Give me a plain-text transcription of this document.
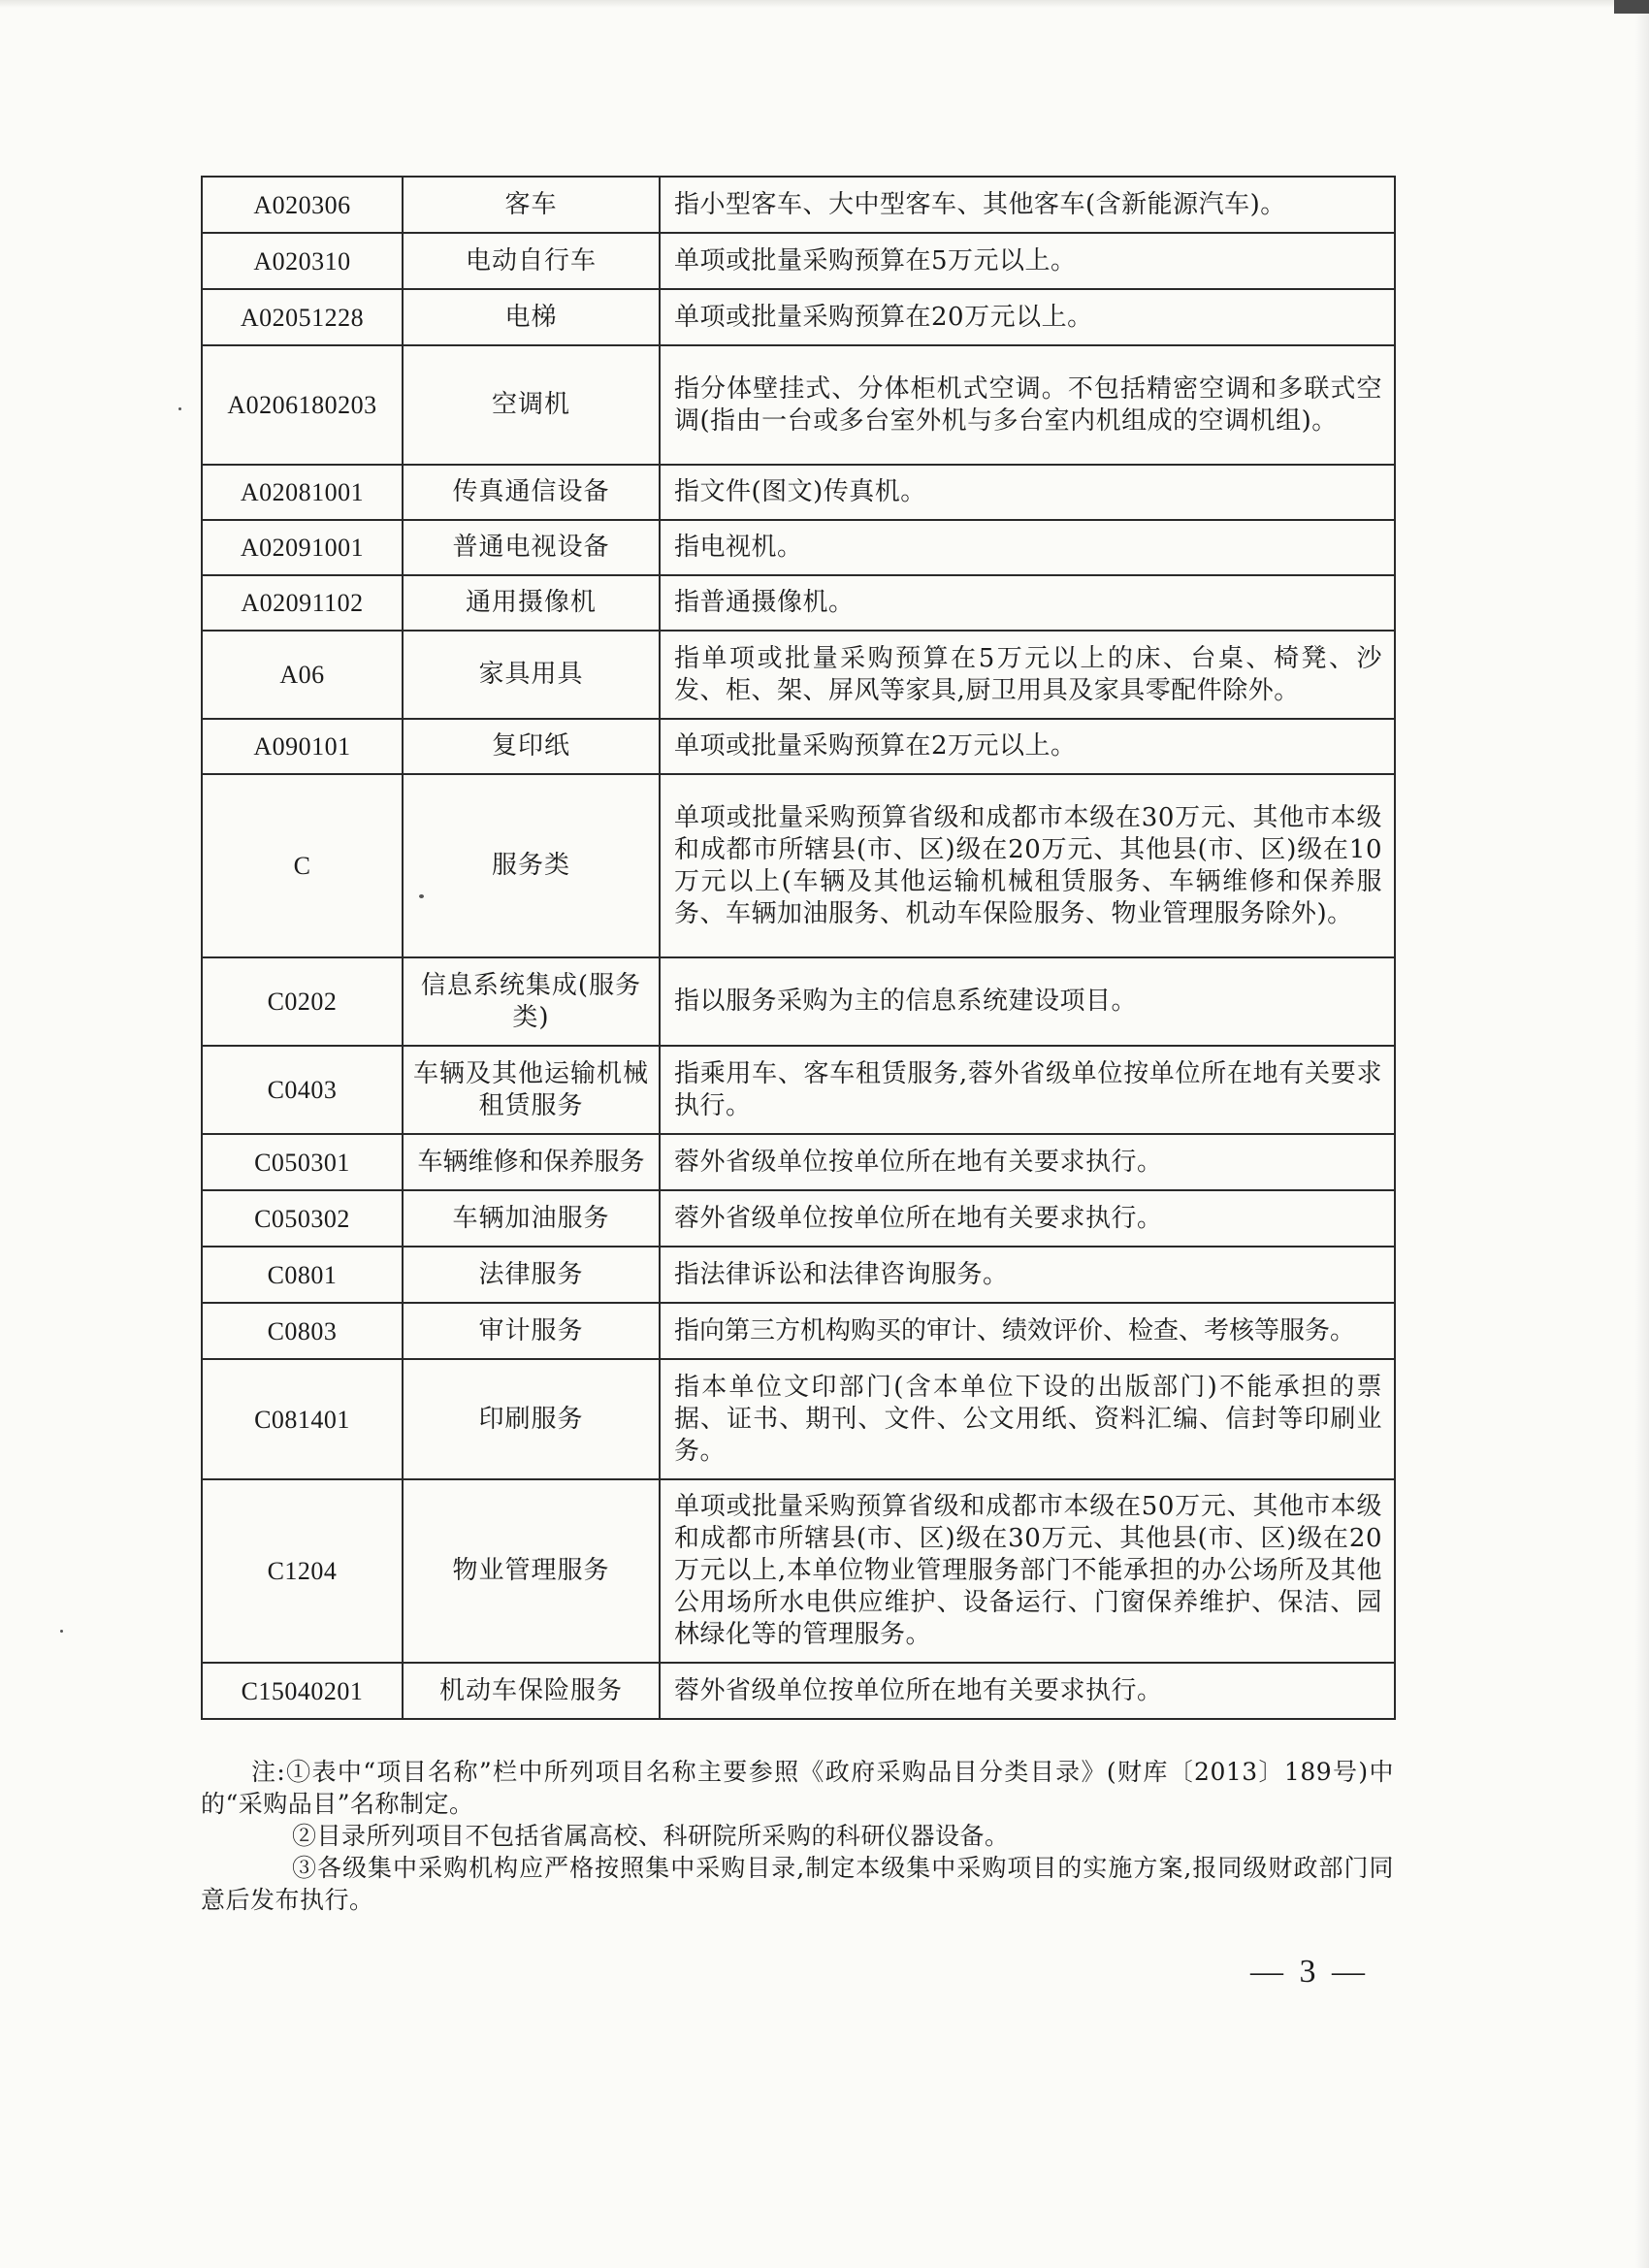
A020306	客车	指小型客车、大中型客车、其他客车(含新能源汽车)。
A020310	电动自行车	单项或批量采购预算在5万元以上。
A02051228	电梯	单项或批量采购预算在20万元以上。
A0206180203	空调机	指分体壁挂式、分体柜机式空调。不包括精密空调和多联式空调(指由一台或多台室外机与多台室内机组成的空调机组)。
A02081001	传真通信设备	指文件(图文)传真机。
A02091001	普通电视设备	指电视机。
A02091102	通用摄像机	指普通摄像机。
A06	家具用具	指单项或批量采购预算在5万元以上的床、台桌、椅凳、沙发、柜、架、屏风等家具,厨卫用具及家具零配件除外。
A090101	复印纸	单项或批量采购预算在2万元以上。
C	服务类	单项或批量采购预算省级和成都市本级在30万元、其他市本级和成都市所辖县(市、区)级在20万元、其他县(市、区)级在10万元以上(车辆及其他运输机械租赁服务、车辆维修和保养服务、车辆加油服务、机动车保险服务、物业管理服务除外)。
C0202	信息系统集成(服务类)	指以服务采购为主的信息系统建设项目。
C0403	车辆及其他运输机械租赁服务	指乘用车、客车租赁服务,蓉外省级单位按单位所在地有关要求执行。
C050301	车辆维修和保养服务	蓉外省级单位按单位所在地有关要求执行。
C050302	车辆加油服务	蓉外省级单位按单位所在地有关要求执行。
C0801	法律服务	指法律诉讼和法律咨询服务。
C0803	审计服务	指向第三方机构购买的审计、绩效评价、检查、考核等服务。
C081401	印刷服务	指本单位文印部门(含本单位下设的出版部门)不能承担的票据、证书、期刊、文件、公文用纸、资料汇编、信封等印刷业务。
C1204	物业管理服务	单项或批量采购预算省级和成都市本级在50万元、其他市本级和成都市所辖县(市、区)级在30万元、其他县(市、区)级在20万元以上,本单位物业管理服务部门不能承担的办公场所及其他公用场所水电供应维护、设备运行、门窗保养维护、保洁、园林绿化等的管理服务。
C15040201	机动车保险服务	蓉外省级单位按单位所在地有关要求执行。

注:①表中“项目名称”栏中所列项目名称主要参照《政府采购品目分类目录》(财库〔2013〕189号)中的“采购品目”名称制定。

②目录所列项目不包括省属高校、科研院所采购的科研仪器设备。

③各级集中采购机构应严格按照集中采购目录,制定本级集中采购项目的实施方案,报同级财政部门同意后发布执行。

— 3 —
